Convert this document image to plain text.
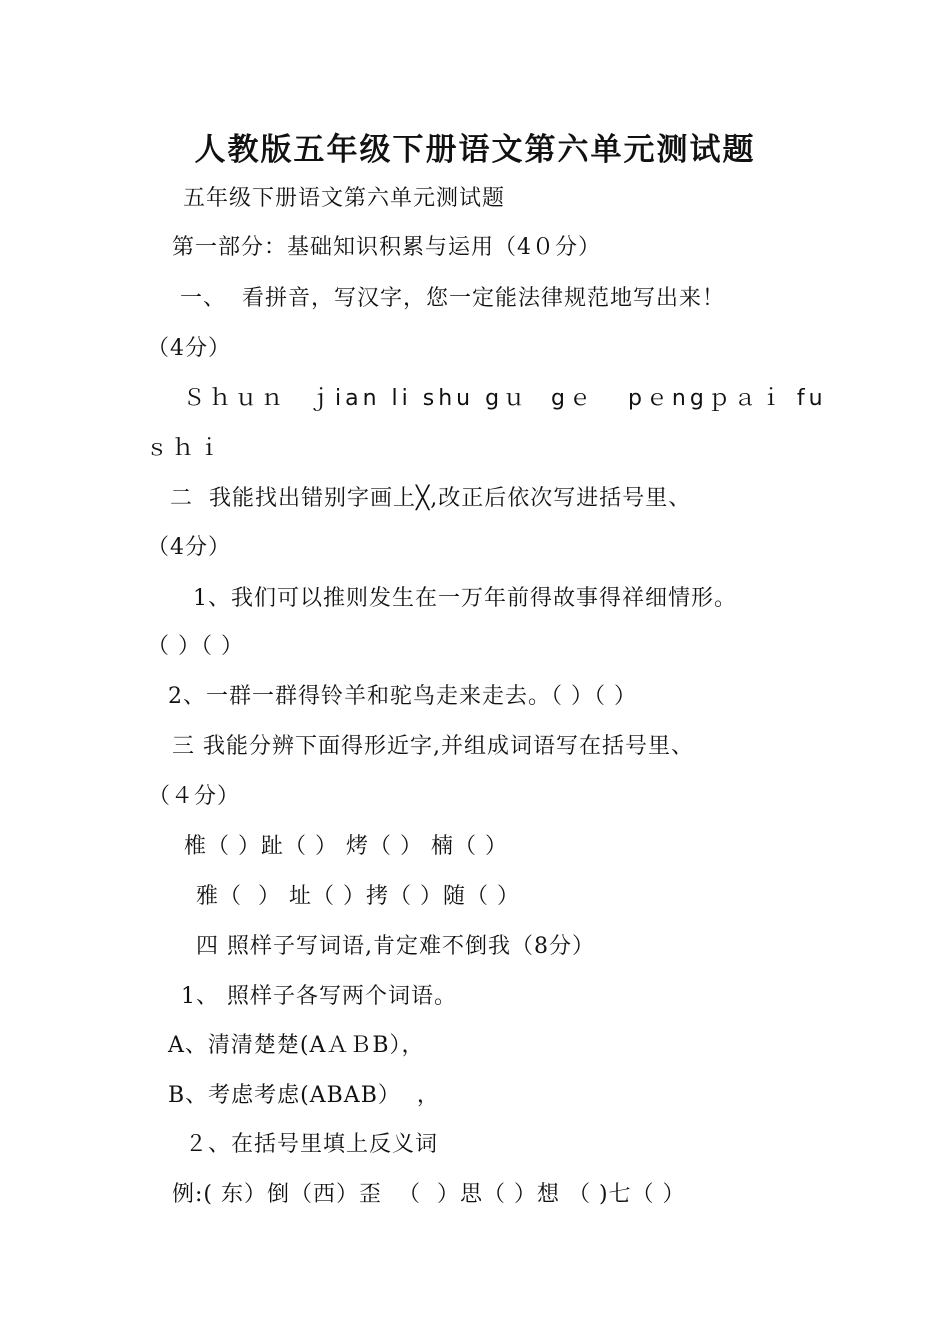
人教版五年级下册语文第六单元测试题
五年级下册语文第六单元测试题
第一部分：基础知识积累与运用（4０分）
一、  看拼音，写汉字，您一定能法律规范地写出来！
（4分）
Ｓｈｕｎ  ｊian li shu gｕ  gｅ   pｅngｐａｉ fu
ｓｈｉ
二  我能找出错别字画上╳,改正后依次写进括号里、
（4分）
1、我们可以推则发生在一万年前得故事得祥细情形。
（ ）（ ）
2、一群一群得铃羊和驼鸟走来走去。（ ）（ ）
三 我能分辨下面得形近字,并组成词语写在括号里、
（４分）
椎（ ）趾（ ） 烤（ ） 楠（ ）
雅（  ） 址（ ）拷（ ）随（ ）
四 照样子写词语,肯定难不倒我（8分）
1、 照样子各写两个词语。
A、清清楚楚(AＡＢB），
B、考虑考虑(ABAB）  ，
２、在括号里填上反义词
例:( 东）倒（西）歪  （  ）思（ ）想 （ )七（ ）
